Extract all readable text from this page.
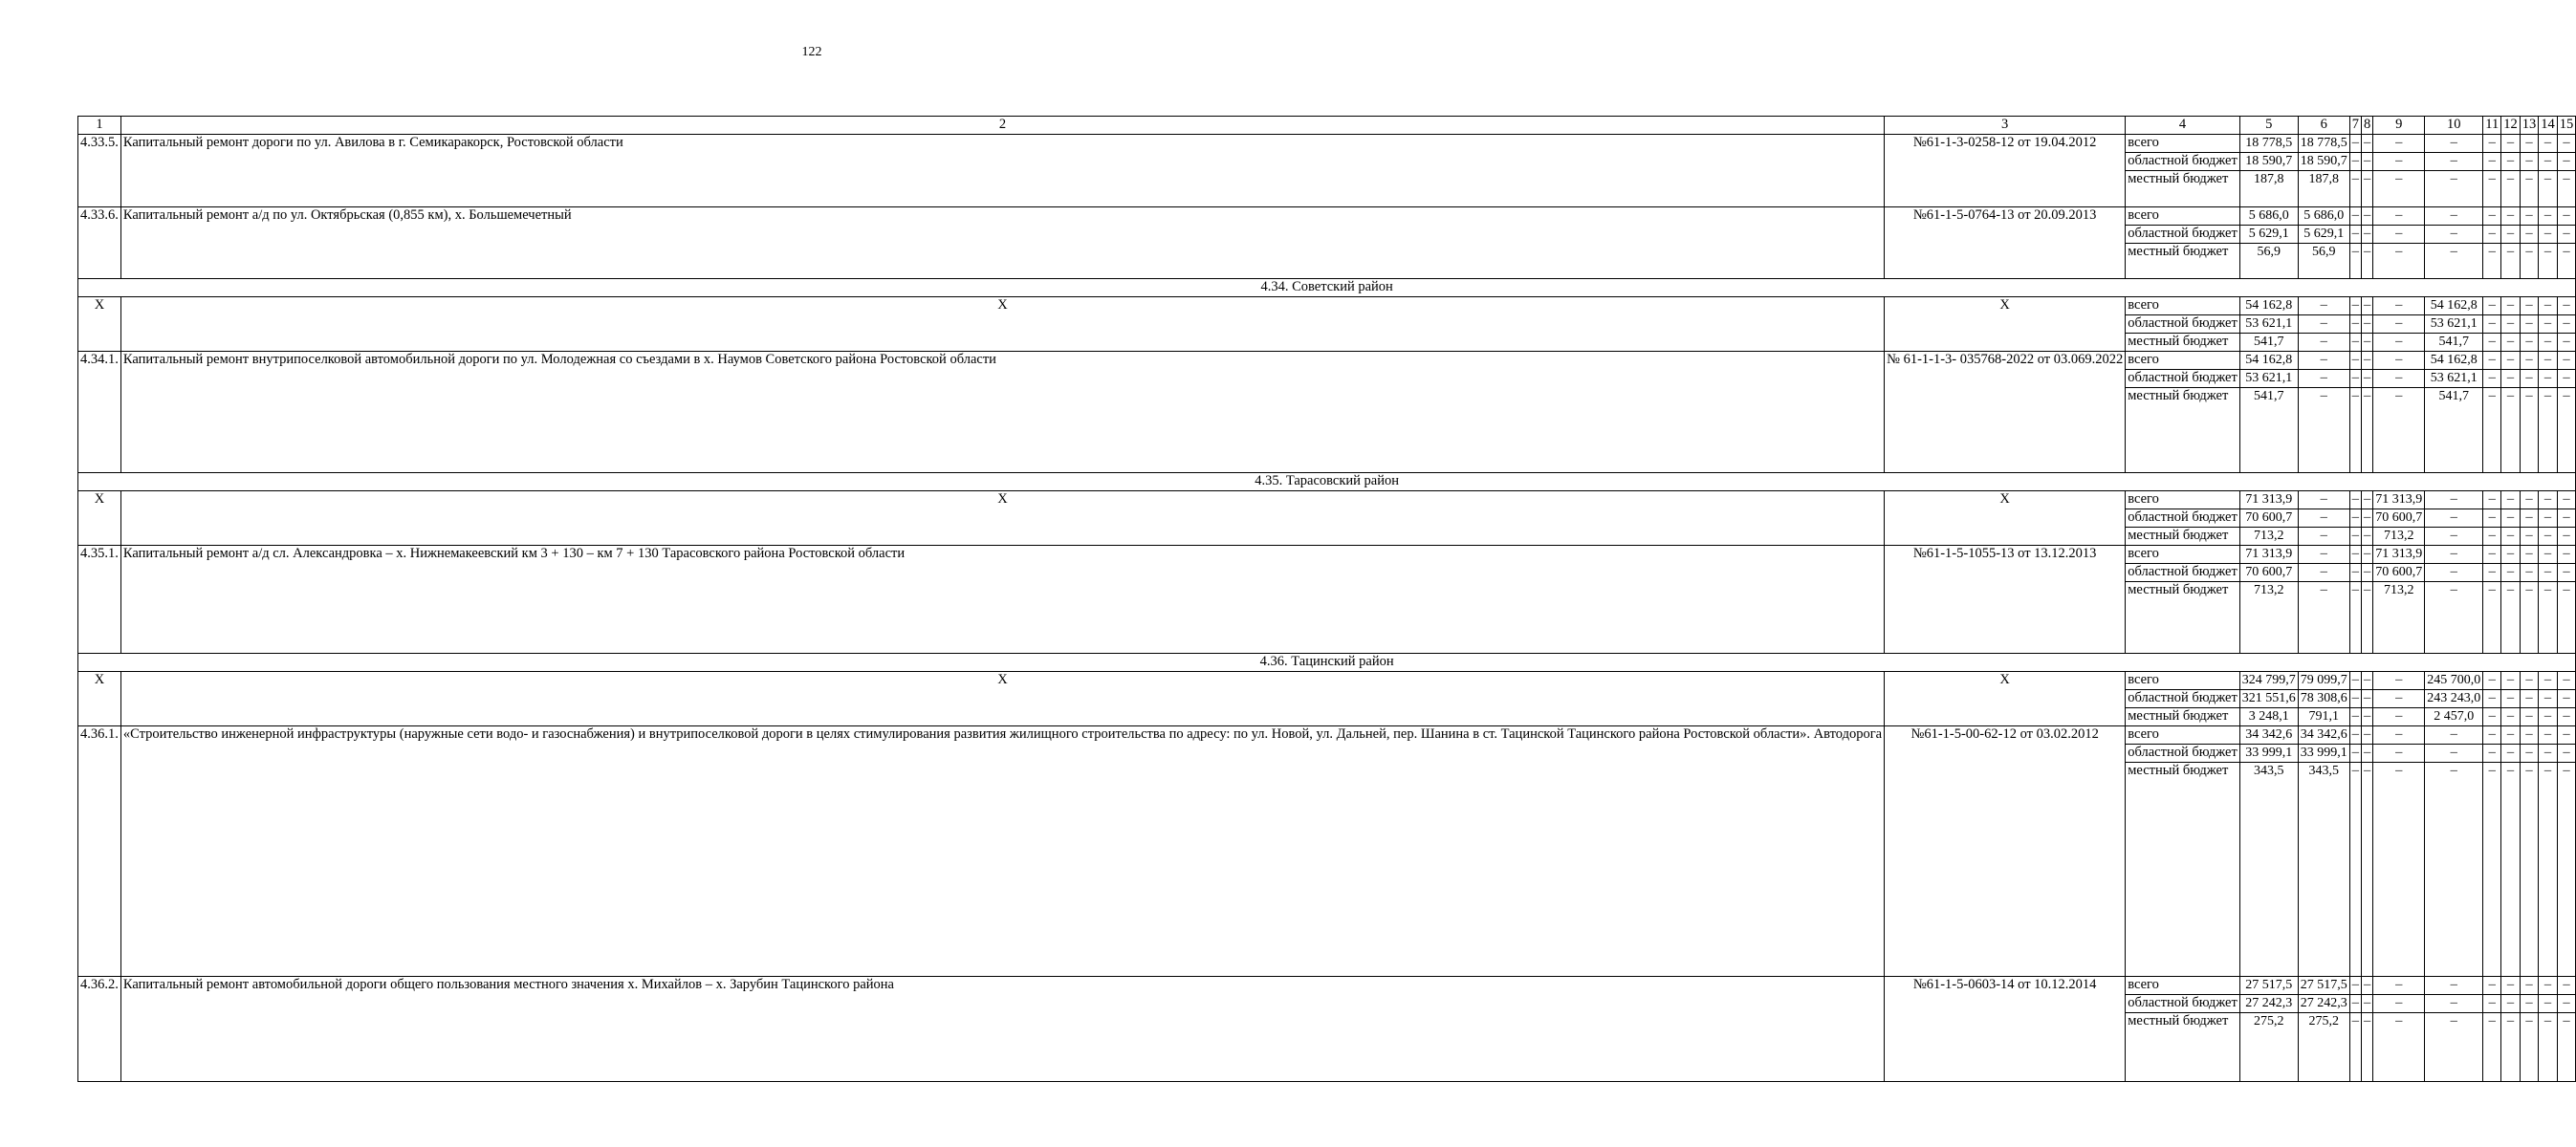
122
1	2	3	4	5	6	7	8	9	10	11	12	13	14	15
4.33.5.	Капитальный ремонт дороги по ул. Авилова в г. Семикаракорск, Ростовской области	№61-1-3-0258-12 от 19.04.2012	всего	18 778,5	18 778,5	–	–	–	–	–	–	–	–	–
			областной бюджет	18 590,7	18 590,7	–	–	–	–	–	–	–	–	–
			местный бюджет	187,8	187,8	–	–	–	–	–	–	–	–	–
4.33.6.	Капитальный ремонт а/д по ул. Октябрьская (0,855 км), х. Большемечетный	№61-1-5-0764-13 от 20.09.2013	всего	5 686,0	5 686,0	–	–	–	–	–	–	–	–	–
			областной бюджет	5 629,1	5 629,1	–	–	–	–	–	–	–	–	–
			местный бюджет	56,9	56,9	–	–	–	–	–	–	–	–	–
4.34. Советский район														
Х	Х	Х	всего	54 162,8	–	–	–	–	54 162,8	–	–	–	–	–
			областной бюджет	53 621,1	–	–	–	–	53 621,1	–	–	–	–	–
			местный бюджет	541,7	–	–	–	–	541,7	–	–	–	–	–
4.34.1.	Капитальный ремонт внутрипоселковой автомобильной дороги по ул. Молодежная со съездами в х. Наумов Советского района Ростовской области	№ 61-1-1-3- 035768-2022 от 03.069.2022	всего	54 162,8	–	–	–	–	54 162,8	–	–	–	–	–
			областной бюджет	53 621,1	–	–	–	–	53 621,1	–	–	–	–	–
			местный бюджет	541,7	–	–	–	–	541,7	–	–	–	–	–
4.35. Тарасовский район														
Х	Х	Х	всего	71 313,9	–	–	–	71 313,9	–	–	–	–	–	–
			областной бюджет	70 600,7	–	–	–	70 600,7	–	–	–	–	–	–
			местный бюджет	713,2	–	–	–	713,2	–	–	–	–	–	–
4.35.1.	Капитальный ремонт а/д сл. Александровка – х. Нижнемакеевский км 3 + 130 – км 7 + 130 Тарасовского района Ростовской области	№61-1-5-1055-13 от 13.12.2013	всего	71 313,9	–	–	–	71 313,9	–	–	–	–	–	–
			областной бюджет	70 600,7	–	–	–	70 600,7	–	–	–	–	–	–
			местный бюджет	713,2	–	–	–	713,2	–	–	–	–	–	–
4.36. Тацинский район														
Х	Х	Х	всего	324 799,7	79 099,7	–	–	–	245 700,0	–	–	–	–	–
			областной бюджет	321 551,6	78 308,6	–	–	–	243 243,0	–	–	–	–	–
			местный бюджет	3 248,1	791,1	–	–	–	2 457,0	–	–	–	–	–
4.36.1.	«Строительство инженерной инфраструктуры (наружные сети водо- и газоснабжения) и внутрипоселковой дороги в целях стимулирования развития жилищного строительства по адресу: по ул. Новой, ул. Дальней, пер. Шанина в ст. Тацинской Тацинского района Ростовской области». Автодорога	№61-1-5-00-62-12 от 03.02.2012	всего	34 342,6	34 342,6	–	–	–	–	–	–	–	–	–
			областной бюджет	33 999,1	33 999,1	–	–	–	–	–	–	–	–	–
			местный бюджет	343,5	343,5	–	–	–	–	–	–	–	–	–
4.36.2.	Капитальный ремонт автомобильной дороги общего пользования местного значения х. Михайлов – х. Зарубин Тацинского района	№61-1-5-0603-14 от 10.12.2014	всего	27 517,5	27 517,5	–	–	–	–	–	–	–	–	–
			областной бюджет	27 242,3	27 242,3	–	–	–	–	–	–	–	–	–
			местный бюджет	275,2	275,2	–	–	–	–	–	–	–	–	–
